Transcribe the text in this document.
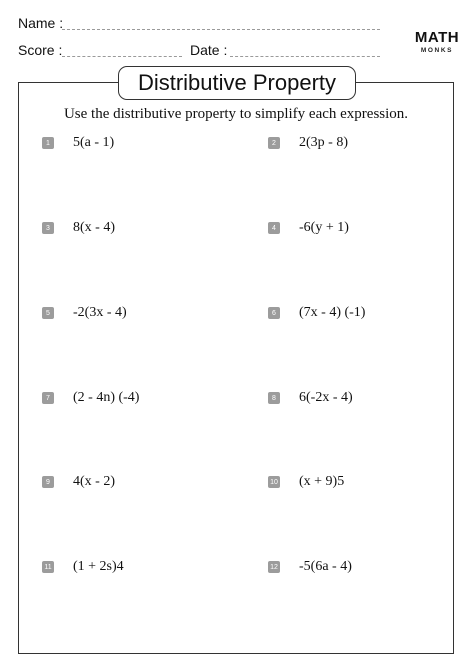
Name :
Score :	Date :
MATH
MONKS
Distributive Property
Use the distributive property to simplify each expression.
1 5(a - 1)
3 8(x - 4)
5 -2(3x - 4)
7 (2 - 4n) (-4)
9 4(x - 2)
11 (1 + 2s)4
2 2(3p - 8)
4 -6(y + 1)
6 (7x - 4) (-1)
8 6(-2x - 4)
10 (x + 9)5
12 -5(6a - 4)
